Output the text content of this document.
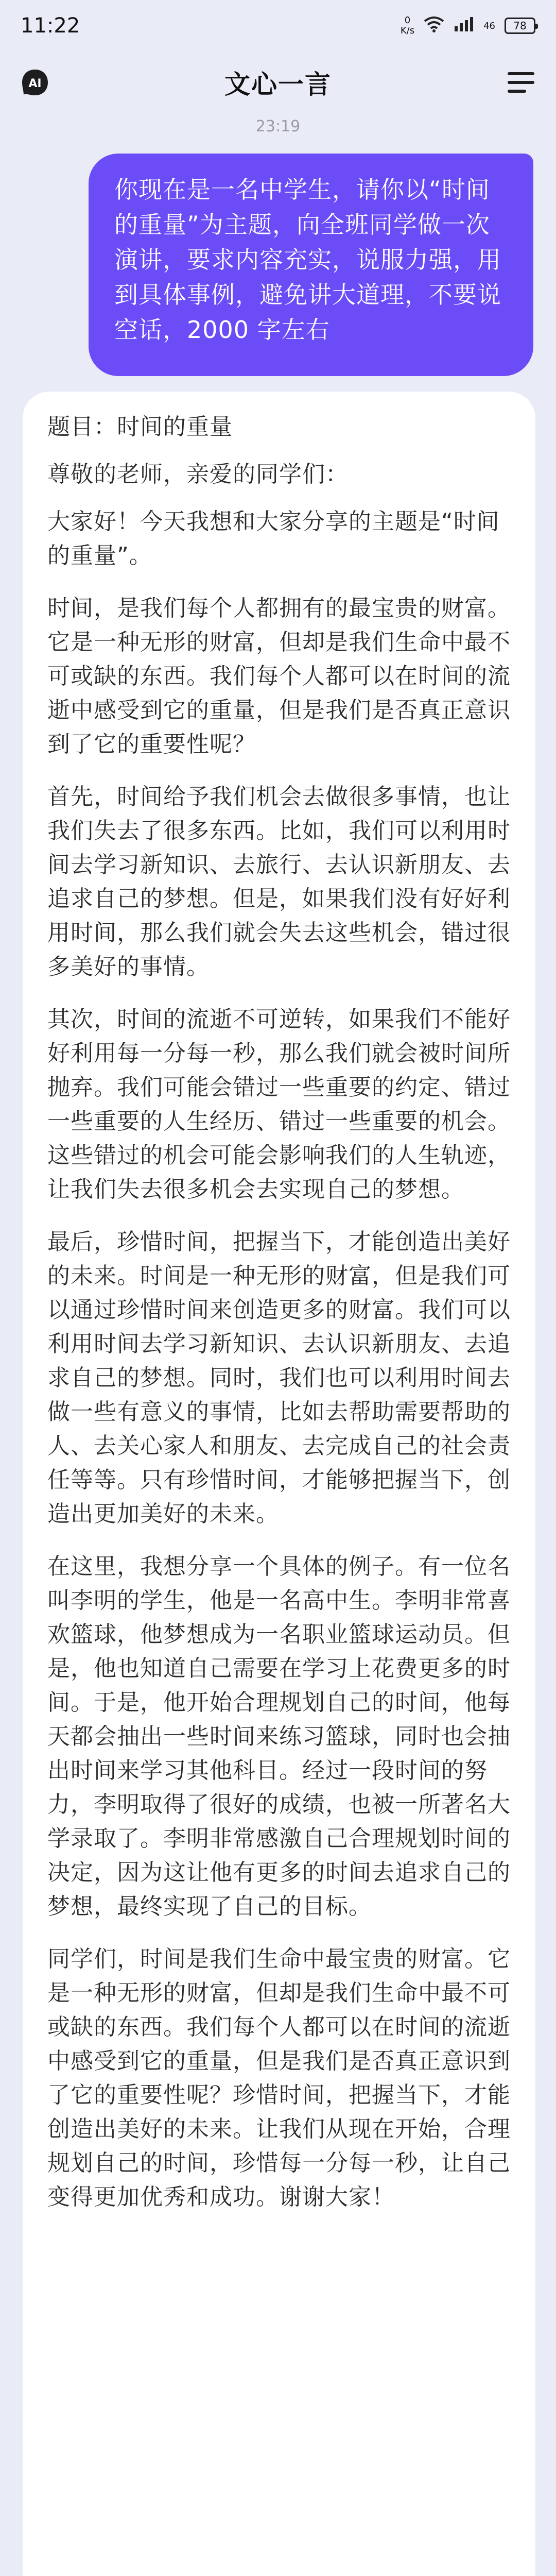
11:22	0
K/s	46 78
AI	文心一言
23:19
你现在是一名中学生，请你以“时间的重量”为主题，向全班同学做一次演讲，要求内容充实，说服力强，用到具体事例，避免讲大道理，不要说空话，2000 字左右

题目：时间的重量

尊敬的老师，亲爱的同学们：

大家好！今天我想和大家分享的主题是“时间的重量”。

时间，是我们每个人都拥有的最宝贵的财富。它是一种无形的财富，但却是我们生命中最不可或缺的东西。我们每个人都可以在时间的流逝中感受到它的重量，但是我们是否真正意识到了它的重要性呢？

首先，时间给予我们机会去做很多事情，也让我们失去了很多东西。比如，我们可以利用时间去学习新知识、去旅行、去认识新朋友、去追求自己的梦想。但是，如果我们没有好好利用时间，那么我们就会失去这些机会，错过很多美好的事情。

其次，时间的流逝不可逆转，如果我们不能好好利用每一分每一秒，那么我们就会被时间所抛弃。我们可能会错过一些重要的约定、错过一些重要的人生经历、错过一些重要的机会。这些错过的机会可能会影响我们的人生轨迹，让我们失去很多机会去实现自己的梦想。

最后，珍惜时间，把握当下，才能创造出美好的未来。时间是一种无形的财富，但是我们可以通过珍惜时间来创造更多的财富。我们可以利用时间去学习新知识、去认识新朋友、去追求自己的梦想。同时，我们也可以利用时间去做一些有意义的事情，比如去帮助需要帮助的人、去关心家人和朋友、去完成自己的社会责任等等。只有珍惜时间，才能够把握当下，创造出更加美好的未来。

在这里，我想分享一个具体的例子。有一位名叫李明的学生，他是一名高中生。李明非常喜欢篮球，他梦想成为一名职业篮球运动员。但是，他也知道自己需要在学习上花费更多的时间。于是，他开始合理规划自己的时间，他每天都会抽出一些时间来练习篮球，同时也会抽出时间来学习其他科目。经过一段时间的努力，李明取得了很好的成绩，也被一所著名大学录取了。李明非常感激自己合理规划时间的决定，因为这让他有更多的时间去追求自己的梦想，最终实现了自己的目标。

同学们，时间是我们生命中最宝贵的财富。它是一种无形的财富，但却是我们生命中最不可或缺的东西。我们每个人都可以在时间的流逝中感受到它的重量，但是我们是否真正意识到了它的重要性呢？珍惜时间，把握当下，才能创造出美好的未来。让我们从现在开始，合理规划自己的时间，珍惜每一分每一秒，让自己变得更加优秀和成功。谢谢大家！
